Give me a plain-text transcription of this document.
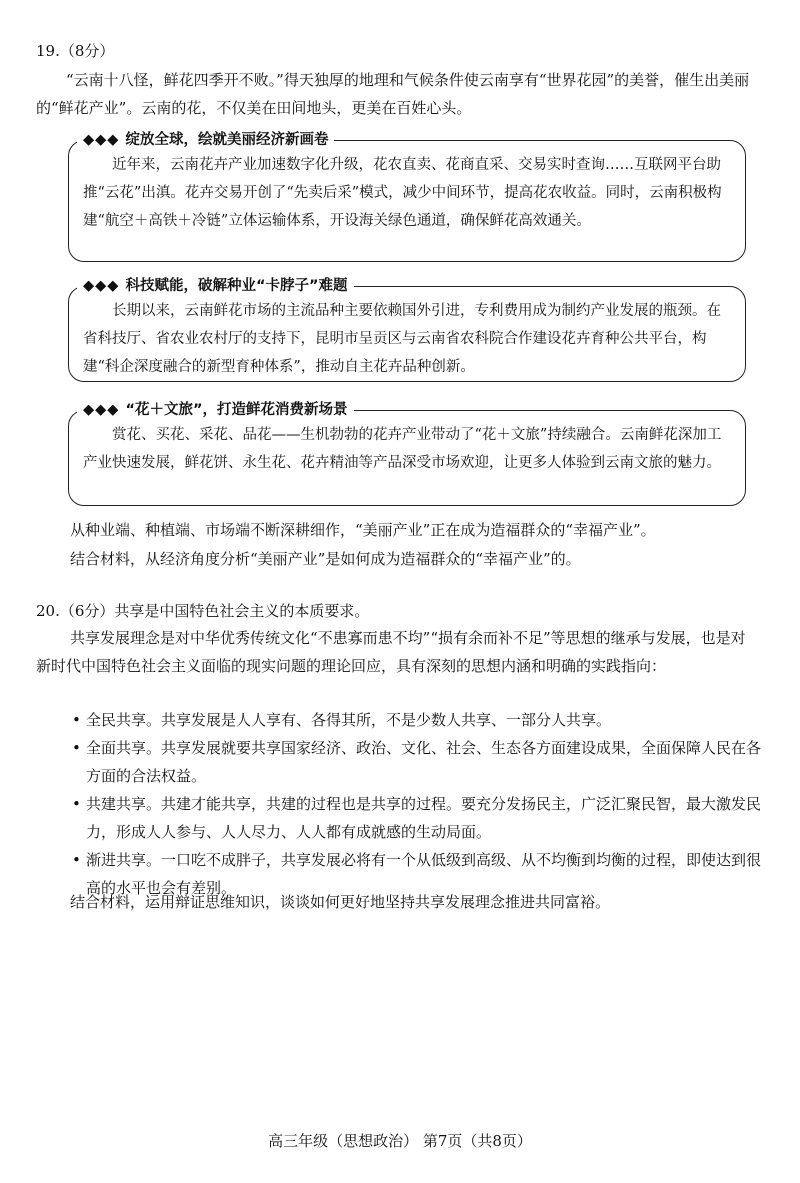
19.（8分）
“云南十八怪，鲜花四季开不败。”得天独厚的地理和气候条件使云南享有“世界花园”的美誉，催生出美丽的“鲜花产业”。云南的花，不仅美在田间地头，更美在百姓心头。
◆◆◆ 绽放全球，绘就美丽经济新画卷
近年来，云南花卉产业加速数字化升级，花农直卖、花商直采、交易实时查询……互联网平台助推“云花”出滇。花卉交易开创了“先卖后采”模式，减少中间环节，提高花农收益。同时，云南积极构建“航空＋高铁＋冷链”立体运输体系，开设海关绿色通道，确保鲜花高效通关。
◆◆◆ 科技赋能，破解种业“卡脖子”难题
长期以来，云南鲜花市场的主流品种主要依赖国外引进，专利费用成为制约产业发展的瓶颈。在省科技厅、省农业农村厅的支持下，昆明市呈贡区与云南省农科院合作建设花卉育种公共平台，构建“科企深度融合的新型育种体系”，推动自主花卉品种创新。
◆◆◆ “花＋文旅”，打造鲜花消费新场景
赏花、买花、采花、品花——生机勃勃的花卉产业带动了“花＋文旅”持续融合。云南鲜花深加工产业快速发展，鲜花饼、永生花、花卉精油等产品深受市场欢迎，让更多人体验到云南文旅的魅力。
从种业端、种植端、市场端不断深耕细作，“美丽产业”正在成为造福群众的“幸福产业”。
结合材料，从经济角度分析“美丽产业”是如何成为造福群众的“幸福产业”的。
20.（6分）共享是中国特色社会主义的本质要求。
共享发展理念是对中华优秀传统文化“不患寡而患不均”“损有余而补不足”等思想的继承与发展，也是对新时代中国特色社会主义面临的现实问题的理论回应，具有深刻的思想内涵和明确的实践指向：
• 全民共享。共享发展是人人享有、各得其所，不是少数人共享、一部分人共享。
• 全面共享。共享发展就要共享国家经济、政治、文化、社会、生态各方面建设成果，全面保障人民在各方面的合法权益。
• 共建共享。共建才能共享，共建的过程也是共享的过程。要充分发扬民主，广泛汇聚民智，最大激发民力，形成人人参与、人人尽力、人人都有成就感的生动局面。
• 渐进共享。一口吃不成胖子，共享发展必将有一个从低级到高级、从不均衡到均衡的过程，即使达到很高的水平也会有差别。
结合材料，运用辩证思维知识，谈谈如何更好地坚持共享发展理念推进共同富裕。
高三年级（思想政治） 第7页（共8页）
